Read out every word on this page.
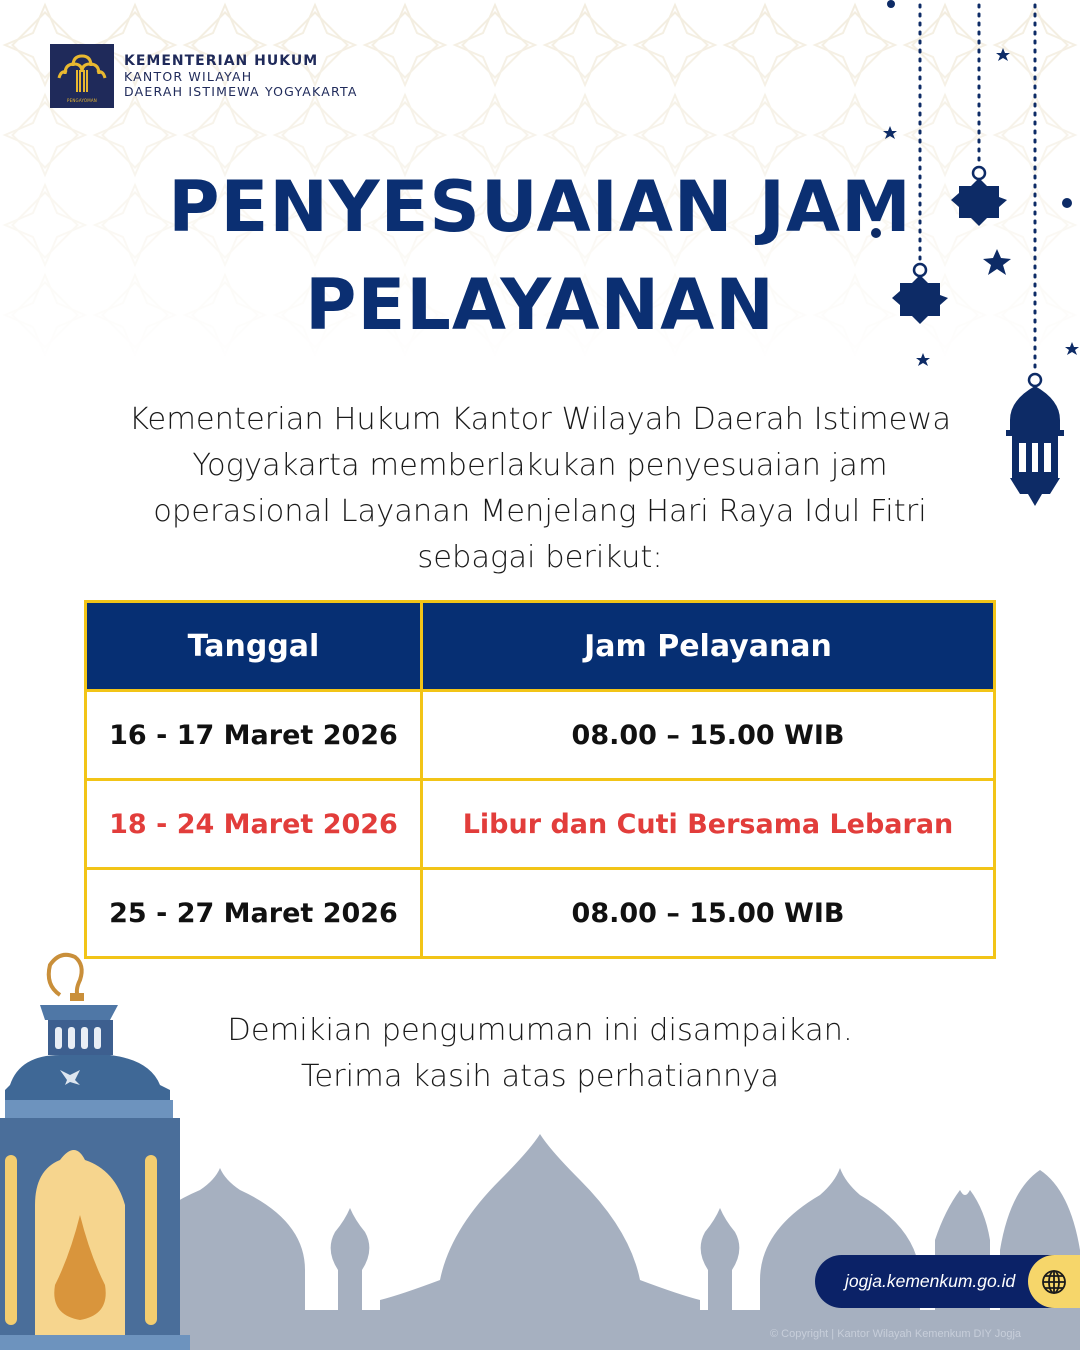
PENGAYOMAN
KEMENTERIAN HUKUM
KANTOR WILAYAH
DAERAH ISTIMEWA YOGYAKARTA
PENYESUAIAN JAM
PELAYANAN
Kementerian Hukum Kantor Wilayah Daerah Istimewa
Yogyakarta memberlakukan penyesuaian jam
operasional Layanan Menjelang Hari Raya Idul Fitri
sebagai berikut:
Tanggal	Jam Pelayanan
16 - 17 Maret 2026	08.00 – 15.00 WIB
18 - 24 Maret 2026	Libur dan Cuti Bersama Lebaran
25 - 27 Maret 2026	08.00 – 15.00 WIB
Demikian pengumuman ini disampaikan.
Terima kasih atas perhatiannya
jogja.kemenkum.go.id
© Copyright | Kantor Wilayah Kemenkum DIY Jogja
